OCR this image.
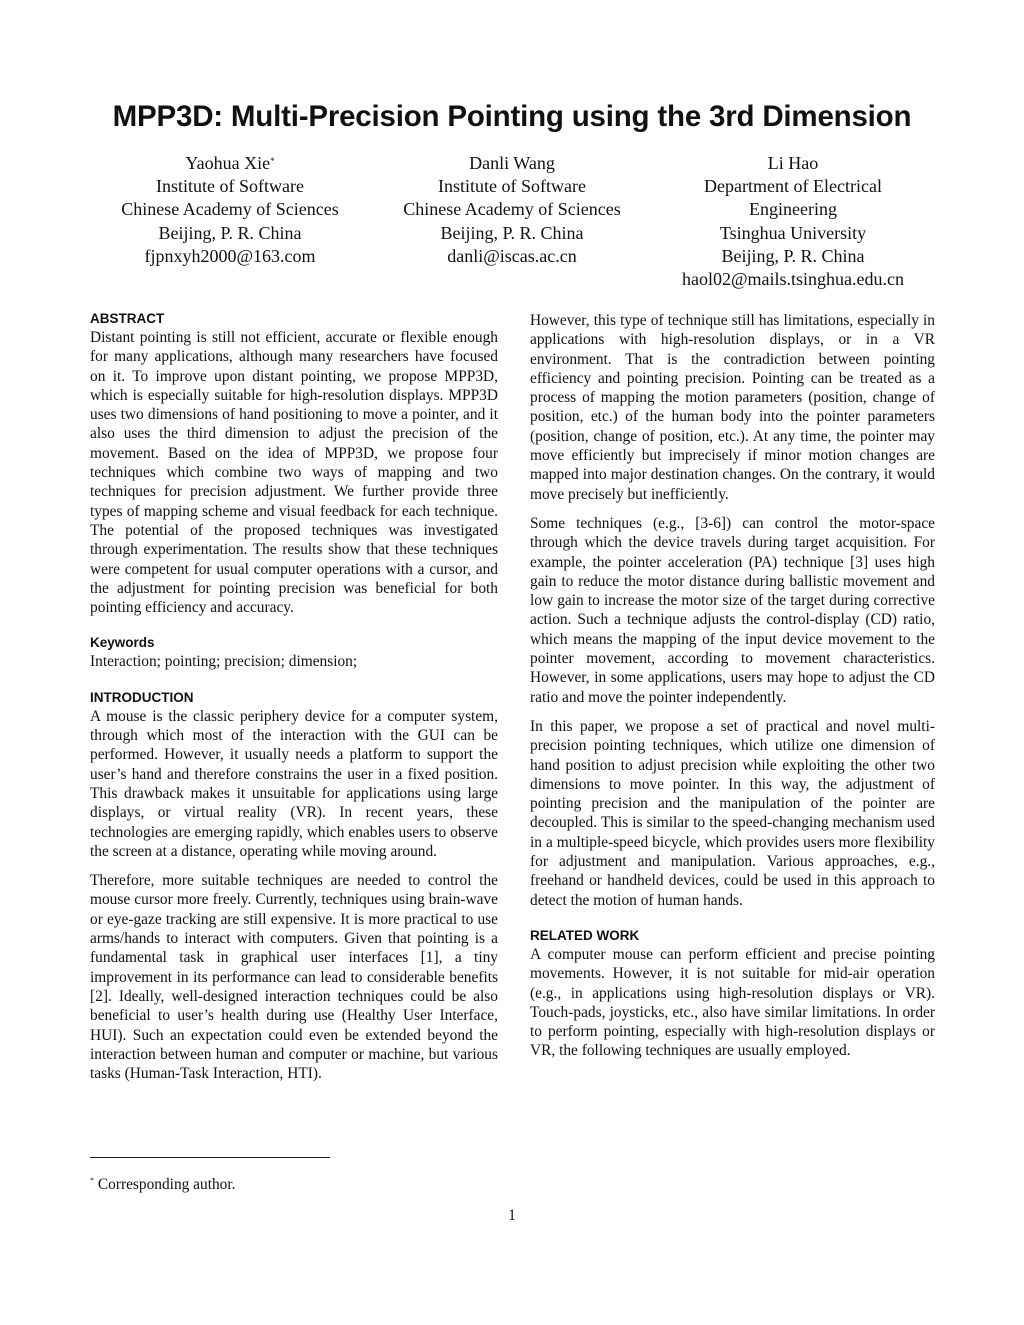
MPP3D: Multi-Precision Pointing using the 3rd Dimension
Yaohua Xie*
Institute of Software
Chinese Academy of Sciences
Beijing, P. R. China
fjpnxyh2000@163.com
Danli Wang
Institute of Software
Chinese Academy of Sciences
Beijing, P. R. China
danli@iscas.ac.cn
Li Hao
Department of Electrical
Engineering
Tsinghua University
Beijing, P. R. China
haol02@mails.tsinghua.edu.cn
ABSTRACT

Distant pointing is still not efficient, accurate or flexible enough for many applications, although many researchers have focused on it. To improve upon distant pointing, we propose MPP3D, which is especially suitable for high-resolution displays. MPP3D uses two dimensions of hand positioning to move a pointer, and it also uses the third dimension to adjust the precision of the movement. Based on the idea of MPP3D, we propose four techniques which combine two ways of mapping and two techniques for precision adjustment. We further provide three types of mapping scheme and visual feedback for each technique. The potential of the proposed techniques was investigated through experimentation. The results show that these techniques were competent for usual computer operations with a cursor, and the adjustment for pointing precision was beneficial for both pointing efficiency and accuracy.

Keywords

Interaction; pointing; precision; dimension;

INTRODUCTION

A mouse is the classic periphery device for a computer system, through which most of the interaction with the GUI can be performed. However, it usually needs a platform to support the user’s hand and therefore constrains the user in a fixed position. This drawback makes it unsuitable for applications using large displays, or virtual reality (VR). In recent years, these technologies are emerging rapidly, which enables users to observe the screen at a distance, operating while moving around.

Therefore, more suitable techniques are needed to control the mouse cursor more freely. Currently, techniques using brain-wave or eye-gaze tracking are still expensive. It is more practical to use arms/hands to interact with computers. Given that pointing is a fundamental task in graphical user interfaces [1], a tiny improvement in its performance can lead to considerable benefits [2]. Ideally, well-designed interaction techniques could be also beneficial to user’s health during use (Healthy User Interface, HUI). Such an expectation could even be extended beyond the interaction between human and computer or machine, but various tasks (Human-Task Interaction, HTI).

However, this type of technique still has limitations, especially in applications with high-resolution displays, or in a VR environment. That is the contradiction between pointing efficiency and pointing precision. Pointing can be treated as a process of mapping the motion parameters (position, change of position, etc.) of the human body into the pointer parameters (position, change of position, etc.). At any time, the pointer may move efficiently but imprecisely if minor motion changes are mapped into major destination changes. On the contrary, it would move precisely but inefficiently.

Some techniques (e.g., [3-6]) can control the motor-space through which the device travels during target acquisition. For example, the pointer acceleration (PA) technique [3] uses high gain to reduce the motor distance during ballistic movement and low gain to increase the motor size of the target during corrective action. Such a technique adjusts the control-display (CD) ratio, which means the mapping of the input device movement to the pointer movement, according to movement characteristics. However, in some applications, users may hope to adjust the CD ratio and move the pointer independently.

In this paper, we propose a set of practical and novel multi-precision pointing techniques, which utilize one dimension of hand position to adjust precision while exploiting the other two dimensions to move pointer. In this way, the adjustment of pointing precision and the manipulation of the pointer are decoupled. This is similar to the speed-changing mechanism used in a multiple-speed bicycle, which provides users more flexibility for adjustment and manipulation. Various approaches, e.g., freehand or handheld devices, could be used in this approach to detect the motion of human hands.

RELATED WORK

A computer mouse can perform efficient and precise pointing movements. However, it is not suitable for mid-air operation (e.g., in applications using high-resolution displays or VR). Touch-pads, joysticks, etc., also have similar limitations. In order to perform pointing, especially with high-resolution displays or VR, the following techniques are usually employed.

* Corresponding author.
1
